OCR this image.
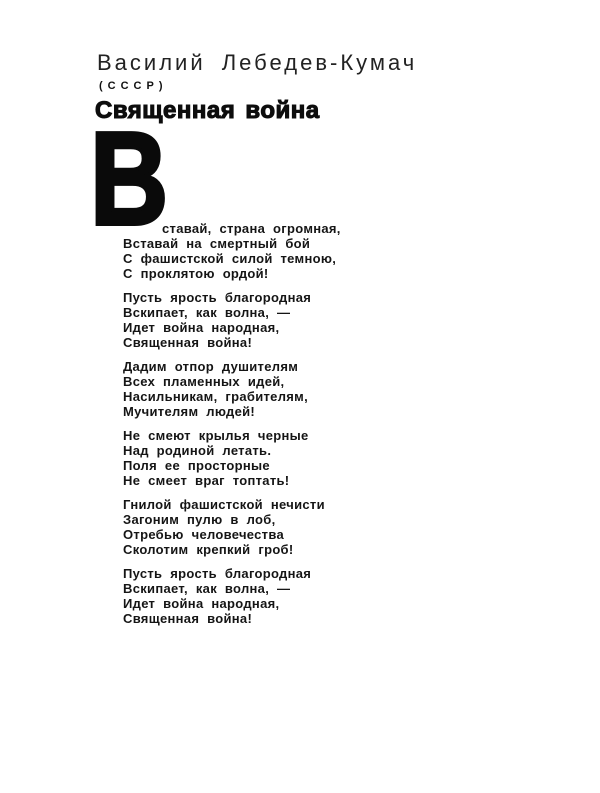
Василий Лебедев-Кумач
(СССР)
Священная война
В
ставай, страна огромная,
Вставай на смертный бой
С фашистской силой темною,
С проклятою ордой!
Пусть ярость благородная
Вскипает, как волна, —
Идет война народная,
Священная война!
Дадим отпор душителям
Всех пламенных идей,
Насильникам, грабителям,
Мучителям людей!
Не смеют крылья черные
Над родиной летать.
Поля ее просторные
Не смеет враг топтать!
Гнилой фашистской нечисти
Загоним пулю в лоб,
Отребью человечества
Сколотим крепкий гроб!
Пусть ярость благородная
Вскипает, как волна, —
Идет война народная,
Священная война!
